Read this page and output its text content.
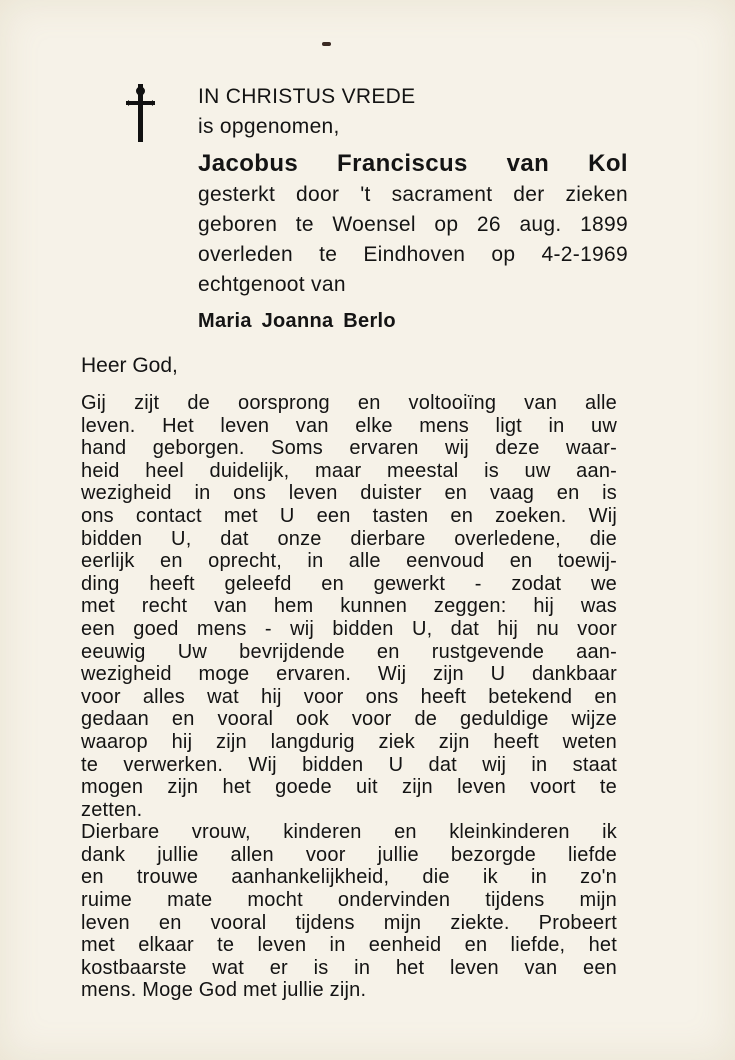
IN CHRISTUS VREDE
is opgenomen,
Jacobus Franciscus van Kol
gesterkt door 't sacrament der zieken
geboren te Woensel op 26 aug. 1899
overleden te Eindhoven op 4-2-1969
echtgenoot van
Maria Joanna Berlo
Heer God,
Gij zijt de oorsprong en voltooiïng van alle
leven. Het leven van elke mens ligt in uw
hand geborgen. Soms ervaren wij deze waar-
heid heel duidelijk, maar meestal is uw aan-
wezigheid in ons leven duister en vaag en is
ons contact met U een tasten en zoeken. Wij
bidden U, dat onze dierbare overledene, die
eerlijk en oprecht, in alle eenvoud en toewij-
ding heeft geleefd en gewerkt - zodat we
met recht van hem kunnen zeggen: hij was
een goed mens - wij bidden U, dat hij nu voor
eeuwig Uw bevrijdende en rustgevende aan-
wezigheid moge ervaren. Wij zijn U dankbaar
voor alles wat hij voor ons heeft betekend en
gedaan en vooral ook voor de geduldige wijze
waarop hij zijn langdurig ziek zijn heeft weten
te verwerken. Wij bidden U dat wij in staat
mogen zijn het goede uit zijn leven voort te
zetten.
Dierbare vrouw, kinderen en kleinkinderen ik
dank jullie allen voor jullie bezorgde liefde
en trouwe aanhankelijkheid, die ik in zo'n
ruime mate mocht ondervinden tijdens mijn
leven en vooral tijdens mijn ziekte. Probeert
met elkaar te leven in eenheid en liefde, het
kostbaarste wat er is in het leven van een
mens. Moge God met jullie zijn.
